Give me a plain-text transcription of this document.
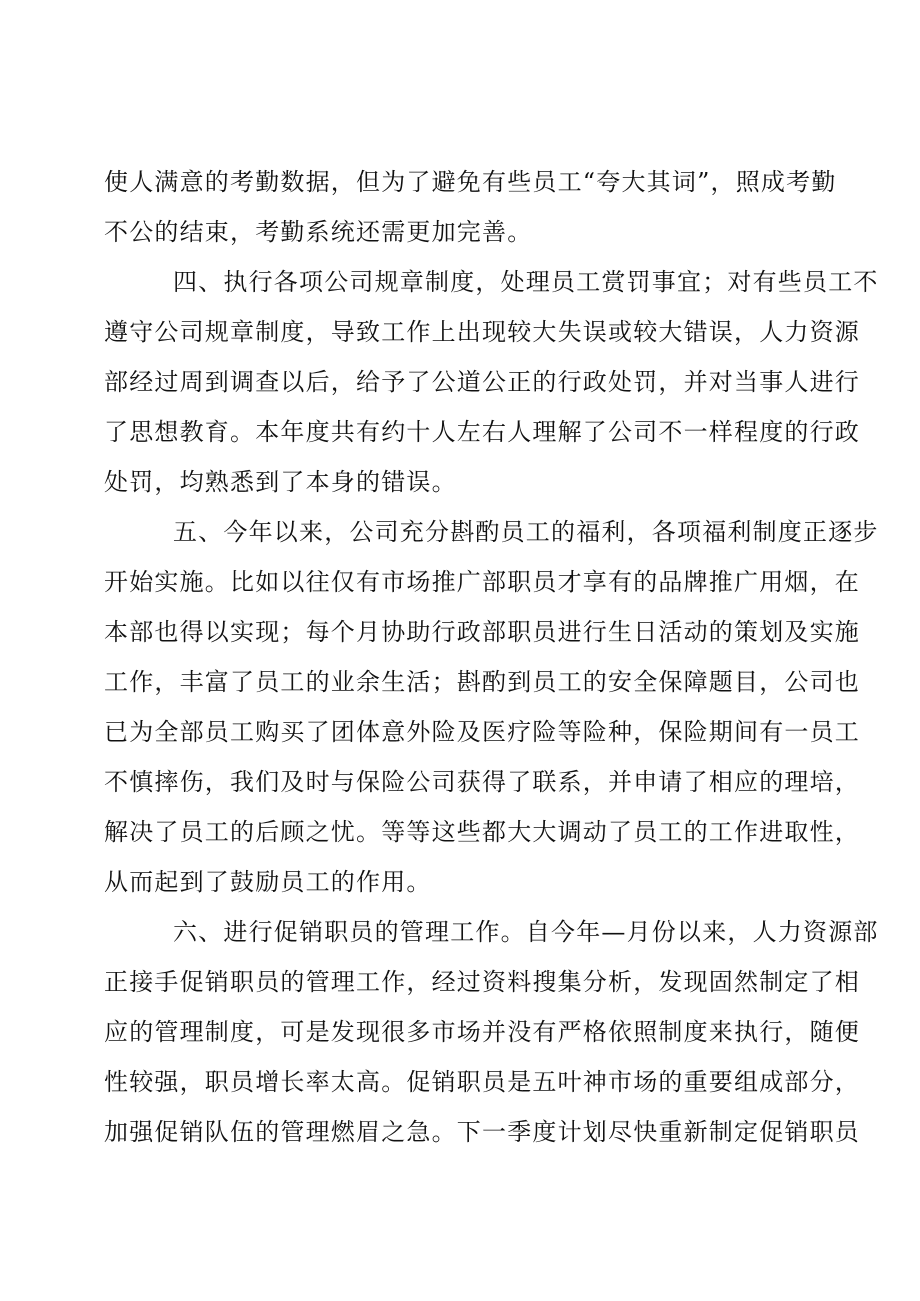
使人满意的考勤数据，但为了避免有些员工“夸大其词”，照成考勤
不公的结束，考勤系统还需更加完善。
四、执行各项公司规章制度，处理员工赏罚事宜；对有些员工不
遵守公司规章制度，导致工作上出现较大失误或较大错误，人力资源
部经过周到调查以后，给予了公道公正的行政处罚，并对当事人进行
了思想教育。本年度共有约十人左右人理解了公司不一样程度的行政
处罚，均熟悉到了本身的错误。
五、今年以来，公司充分斟酌员工的福利，各项福利制度正逐步
开始实施。比如以往仅有市场推广部职员才享有的品牌推广用烟，在
本部也得以实现；每个月协助行政部职员进行生日活动的策划及实施
工作，丰富了员工的业余生活；斟酌到员工的安全保障题目，公司也
已为全部员工购买了团体意外险及医疗险等险种，保险期间有一员工
不慎摔伤，我们及时与保险公司获得了联系，并申请了相应的理培，
解决了员工的后顾之忧。等等这些都大大调动了员工的工作进取性，
从而起到了鼓励员工的作用。
六、进行促销职员的管理工作。自今年—月份以来，人力资源部
正接手促销职员的管理工作，经过资料搜集分析，发现固然制定了相
应的管理制度，可是发现很多市场并没有严格依照制度来执行，随便
性较强，职员增长率太高。促销职员是五叶神市场的重要组成部分，
加强促销队伍的管理燃眉之急。下一季度计划尽快重新制定促销职员
